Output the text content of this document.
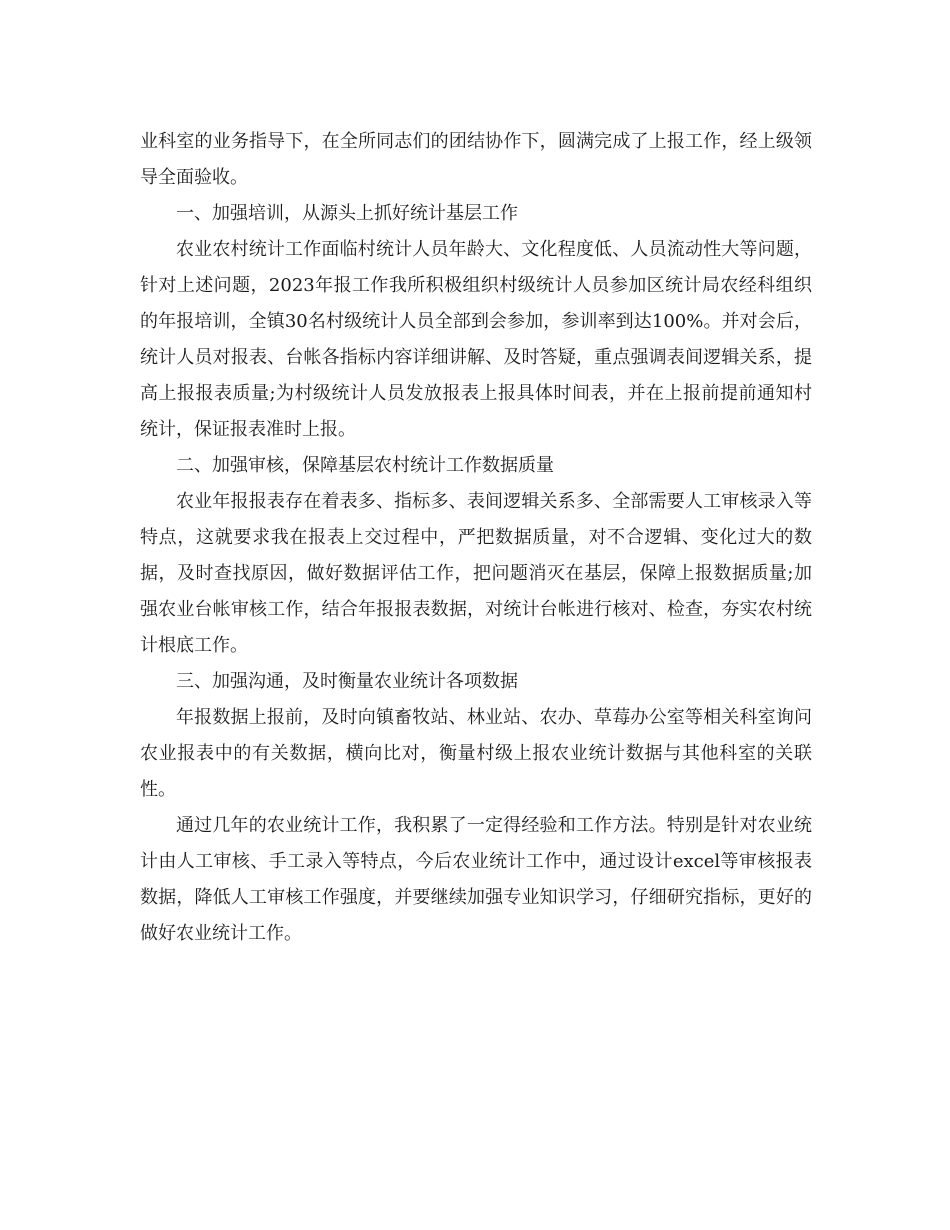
业科室的业务指导下，在全所同志们的团结协作下，圆满完成了上报工作，经上级领导全面验收。

一、加强培训，从源头上抓好统计基层工作

农业农村统计工作面临村统计人员年龄大、文化程度低、人员流动性大等问题，针对上述问题，2023年报工作我所积极组织村级统计人员参加区统计局农经科组织的年报培训，全镇30名村级统计人员全部到会参加，参训率到达100%。并对会后，统计人员对报表、台帐各指标内容详细讲解、及时答疑，重点强调表间逻辑关系，提高上报报表质量;为村级统计人员发放报表上报具体时间表，并在上报前提前通知村统计，保证报表准时上报。

二、加强审核，保障基层农村统计工作数据质量

农业年报报表存在着表多、指标多、表间逻辑关系多、全部需要人工审核录入等特点，这就要求我在报表上交过程中，严把数据质量，对不合逻辑、变化过大的数据，及时查找原因，做好数据评估工作，把问题消灭在基层，保障上报数据质量;加强农业台帐审核工作，结合年报报表数据，对统计台帐进行核对、检查，夯实农村统计根底工作。

三、加强沟通，及时衡量农业统计各项数据

年报数据上报前，及时向镇畜牧站、林业站、农办、草莓办公室等相关科室询问农业报表中的有关数据，横向比对，衡量村级上报农业统计数据与其他科室的关联性。

通过几年的农业统计工作，我积累了一定得经验和工作方法。特别是针对农业统计由人工审核、手工录入等特点，今后农业统计工作中，通过设计excel等审核报表数据，降低人工审核工作强度，并要继续加强专业知识学习，仔细研究指标，更好的做好农业统计工作。
